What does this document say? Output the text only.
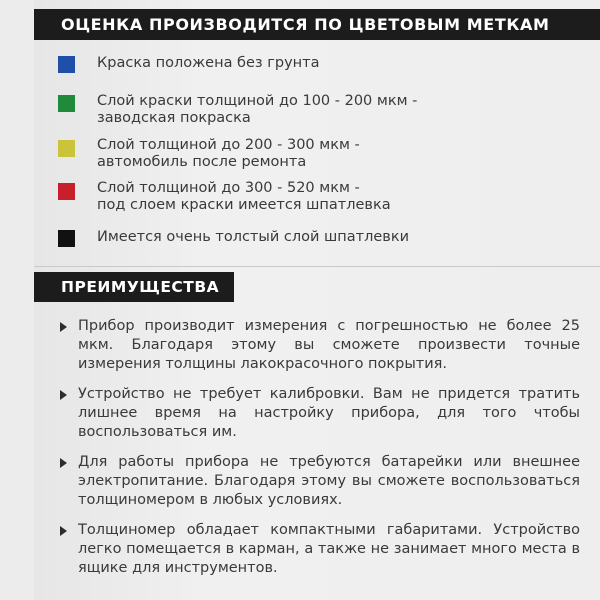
ОЦЕНКА ПРОИЗВОДИТСЯ ПО ЦВЕТОВЫМ МЕТКАМ
Краска положена без грунта
Слой краски толщиной до 100 - 200 мкм -
заводская покраска
Слой толщиной до 200 - 300 мкм -
автомобиль после ремонта
Слой толщиной до 300 - 520 мкм -
под слоем краски имеется шпатлевка
Имеется очень толстый слой шпатлевки
ПРЕИМУЩЕСТВА
Прибор производит измерения с погрешностью не более 25 мкм. Благодаря этому вы сможете произвести точные измерения толщины лакокрасочного покрытия.
Устройство не требует калибровки. Вам не придется тратить лишнее время на настройку прибора, для того чтобы воспользоваться им.
Для работы прибора не требуются батарейки или внешнее электропитание. Благодаря этому вы сможете воспользоваться толщиномером в любых условиях.
Толщиномер обладает компактными габаритами. Устройство легко помещается в карман, а также не занимает много места в ящике для инструментов.
